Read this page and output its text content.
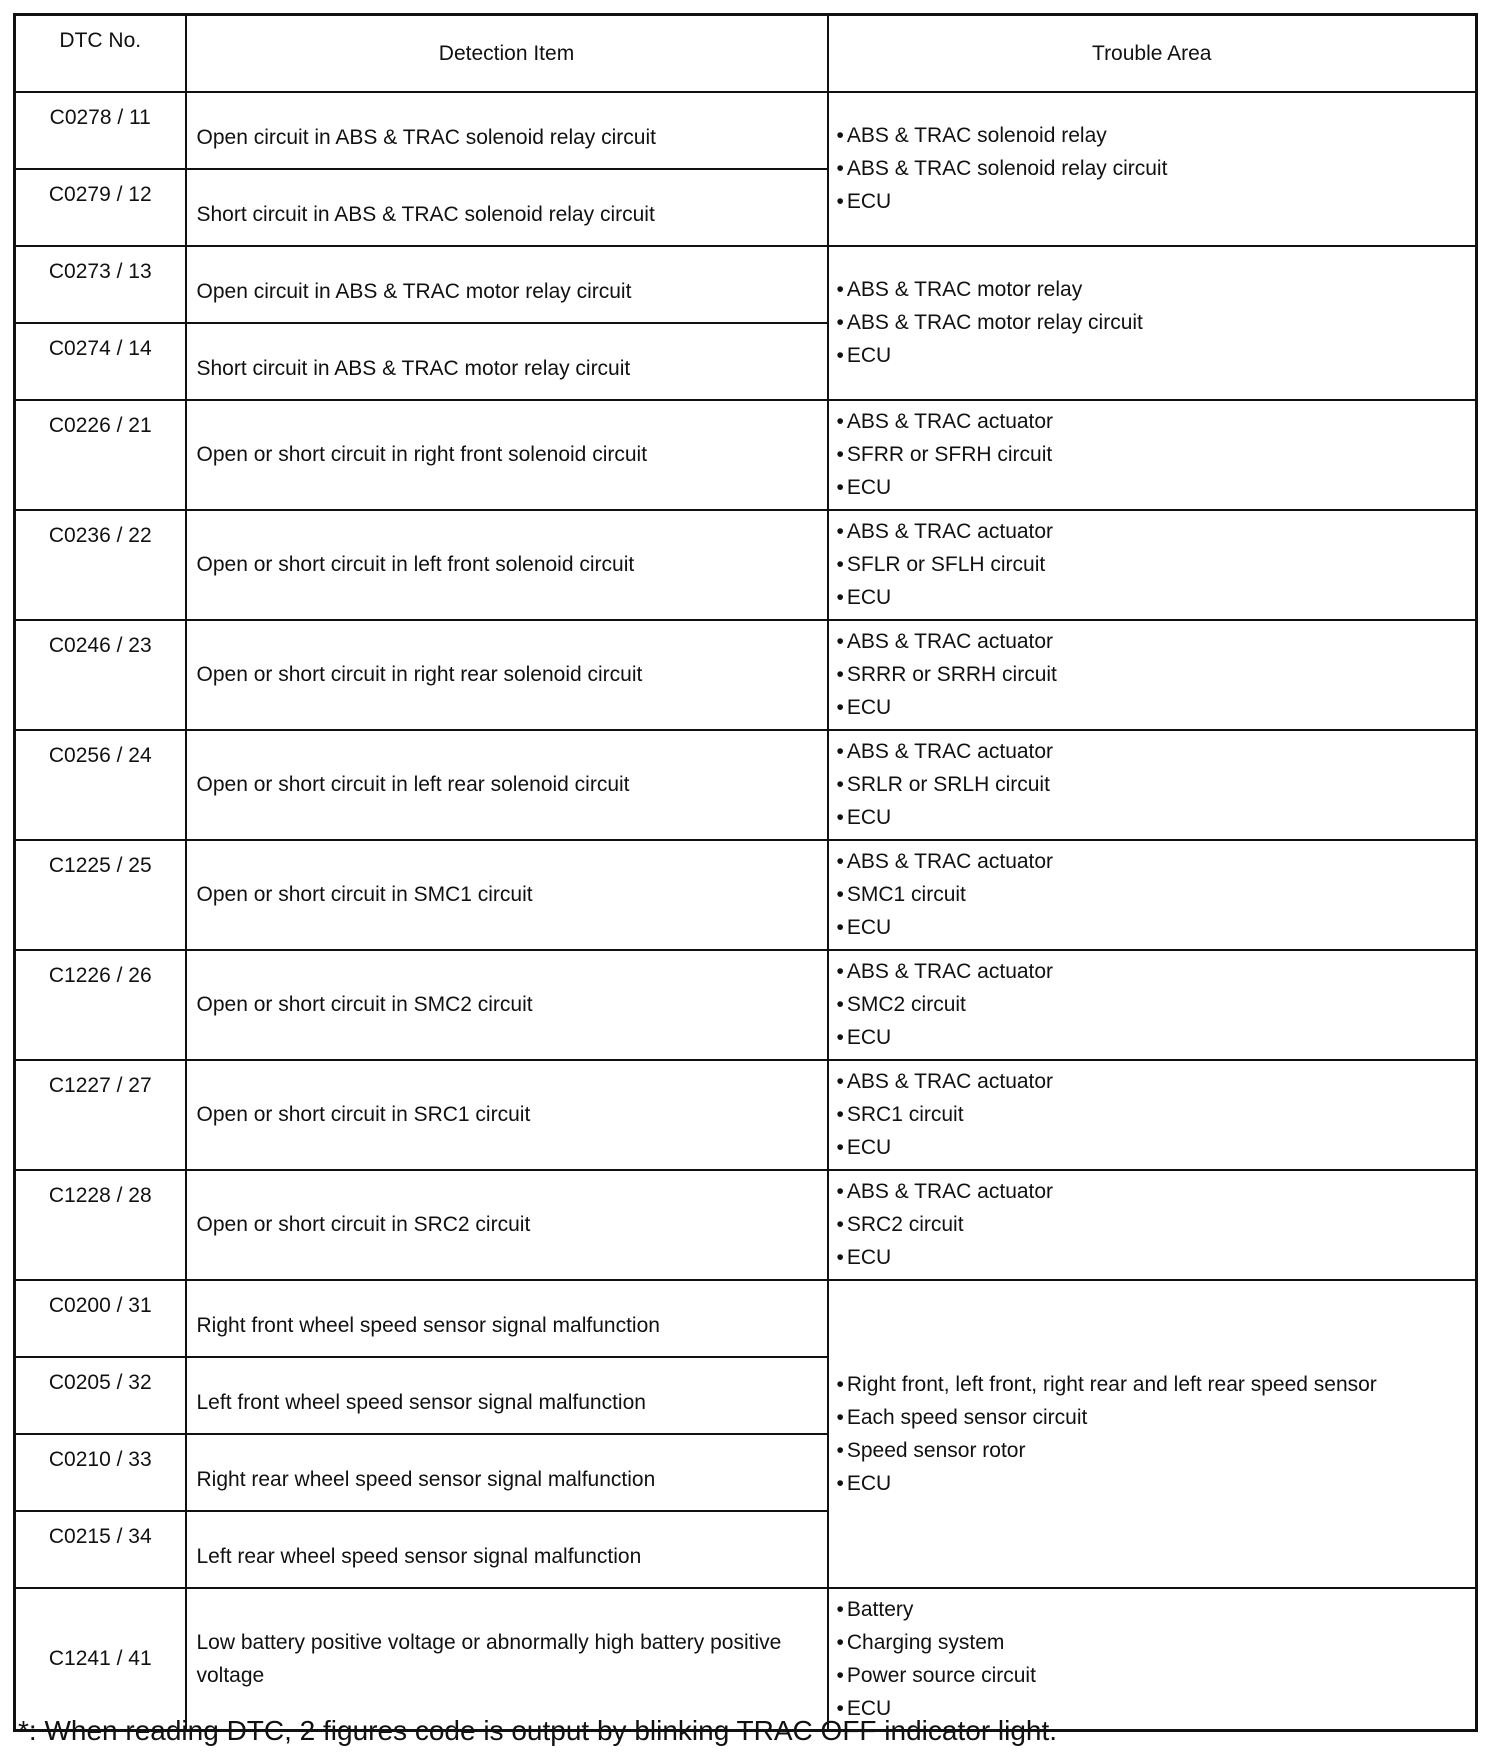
DTC No.	Detection Item	Trouble Area
C0278 / 11	Open circuit in ABS & TRAC solenoid relay circuit	• ABS & TRAC solenoid relay
• ABS & TRAC solenoid relay circuit
• ECU

C0279 / 12	Short circuit in ABS & TRAC solenoid relay circuit	
C0273 / 13	Open circuit in ABS & TRAC motor relay circuit	• ABS & TRAC motor relay
• ABS & TRAC motor relay circuit
• ECU

C0274 / 14	Short circuit in ABS & TRAC motor relay circuit	
C0226 / 21	Open or short circuit in right front solenoid circuit	• ABS & TRAC actuator
• SFRR or SFRH circuit
• ECU

C0236 / 22	Open or short circuit in left front solenoid circuit	• ABS & TRAC actuator
• SFLR or SFLH circuit
• ECU

C0246 / 23	Open or short circuit in right rear solenoid circuit	• ABS & TRAC actuator
• SRRR or SRRH circuit
• ECU

C0256 / 24	Open or short circuit in left rear solenoid circuit	• ABS & TRAC actuator
• SRLR or SRLH circuit
• ECU

C1225 / 25	Open or short circuit in SMC1 circuit	• ABS & TRAC actuator
• SMC1 circuit
• ECU

C1226 / 26	Open or short circuit in SMC2 circuit	• ABS & TRAC actuator
• SMC2 circuit
• ECU

C1227 / 27	Open or short circuit in SRC1 circuit	• ABS & TRAC actuator
• SRC1 circuit
• ECU

C1228 / 28	Open or short circuit in SRC2 circuit	• ABS & TRAC actuator
• SRC2 circuit
• ECU

C0200 / 31	Right front wheel speed sensor signal malfunction	• Right front, left front, right rear and left rear speed sensor
• Each speed sensor circuit
• Speed sensor rotor
• ECU

C0205 / 32	Left front wheel speed sensor signal malfunction	
C0210 / 33	Right rear wheel speed sensor signal malfunction	
C0215 / 34	Left rear wheel speed sensor signal malfunction	
C1241 / 41	Low battery positive voltage or abnormally high battery positive voltage	• Battery
• Charging system
• Power source circuit
• ECU
*: When reading DTC, 2 figures code is output by blinking TRAC OFF indicator light.
